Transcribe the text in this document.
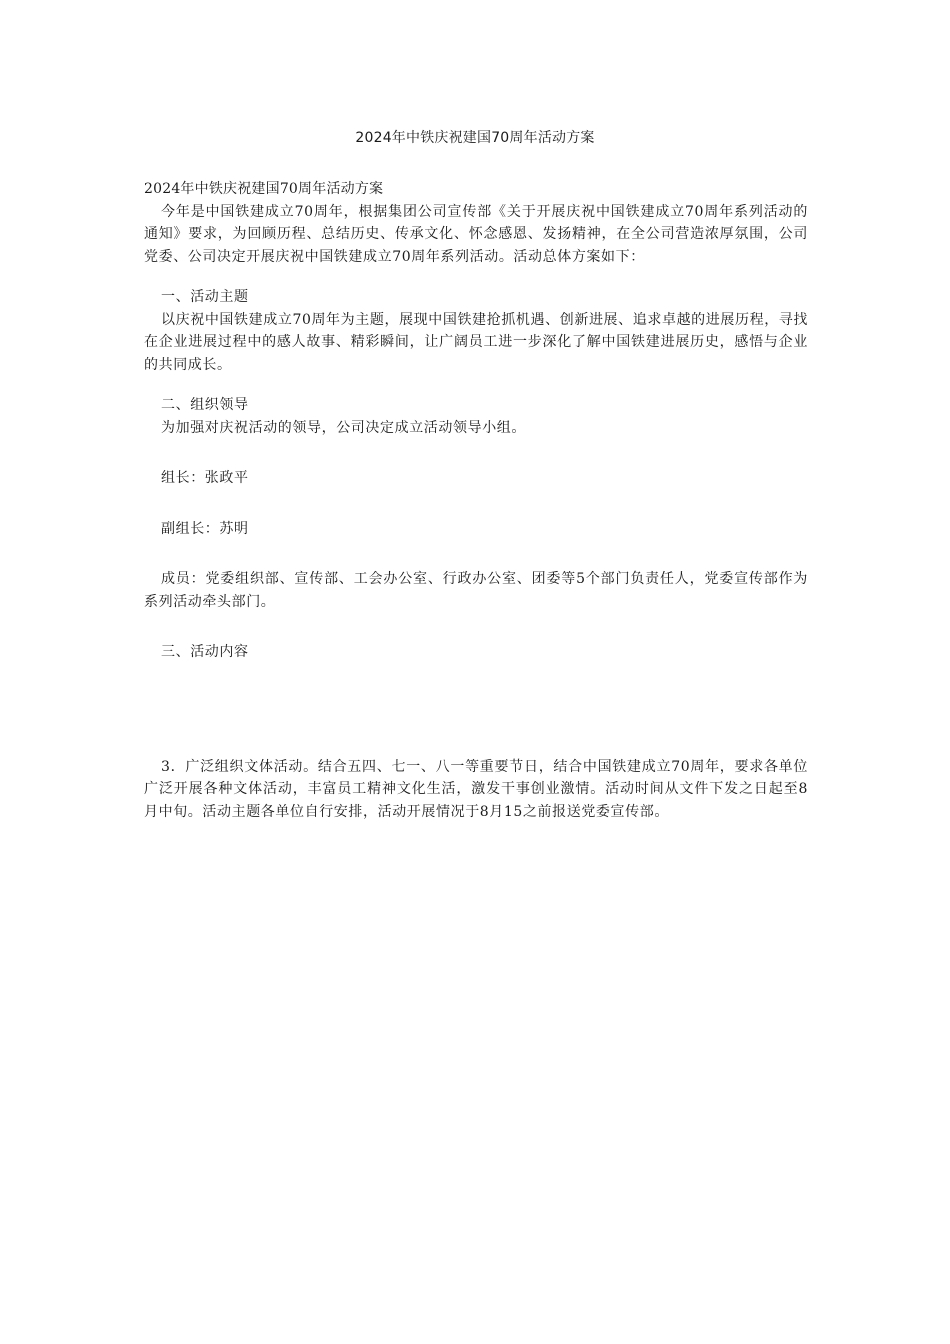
2024年中铁庆祝建国70周年活动方案

2024年中铁庆祝建国70周年活动方案

今年是中国铁建成立70周年，根据集团公司宣传部《关于开展庆祝中国铁建成立70周年系列活动的通知》要求，为回顾历程、总结历史、传承文化、怀念感恩、发扬精神，在全公司营造浓厚氛围，公司党委、公司决定开展庆祝中国铁建成立70周年系列活动。活动总体方案如下：

一、活动主题

以庆祝中国铁建成立70周年为主题，展现中国铁建抢抓机遇、创新进展、追求卓越的进展历程，寻找在企业进展过程中的感人故事、精彩瞬间，让广阔员工进一步深化了解中国铁建进展历史，感悟与企业的共同成长。

二、组织领导

为加强对庆祝活动的领导，公司决定成立活动领导小组。

组长：张政平

副组长：苏明

成员：党委组织部、宣传部、工会办公室、行政办公室、团委等5个部门负责任人，党委宣传部作为系列活动牵头部门。

三、活动内容

3．广泛组织文体活动。结合五四、七一、八一等重要节日，结合中国铁建成立70周年，要求各单位广泛开展各种文体活动，丰富员工精神文化生活，激发干事创业激情。活动时间从文件下发之日起至8月中旬。活动主题各单位自行安排，活动开展情况于8月15之前报送党委宣传部。
